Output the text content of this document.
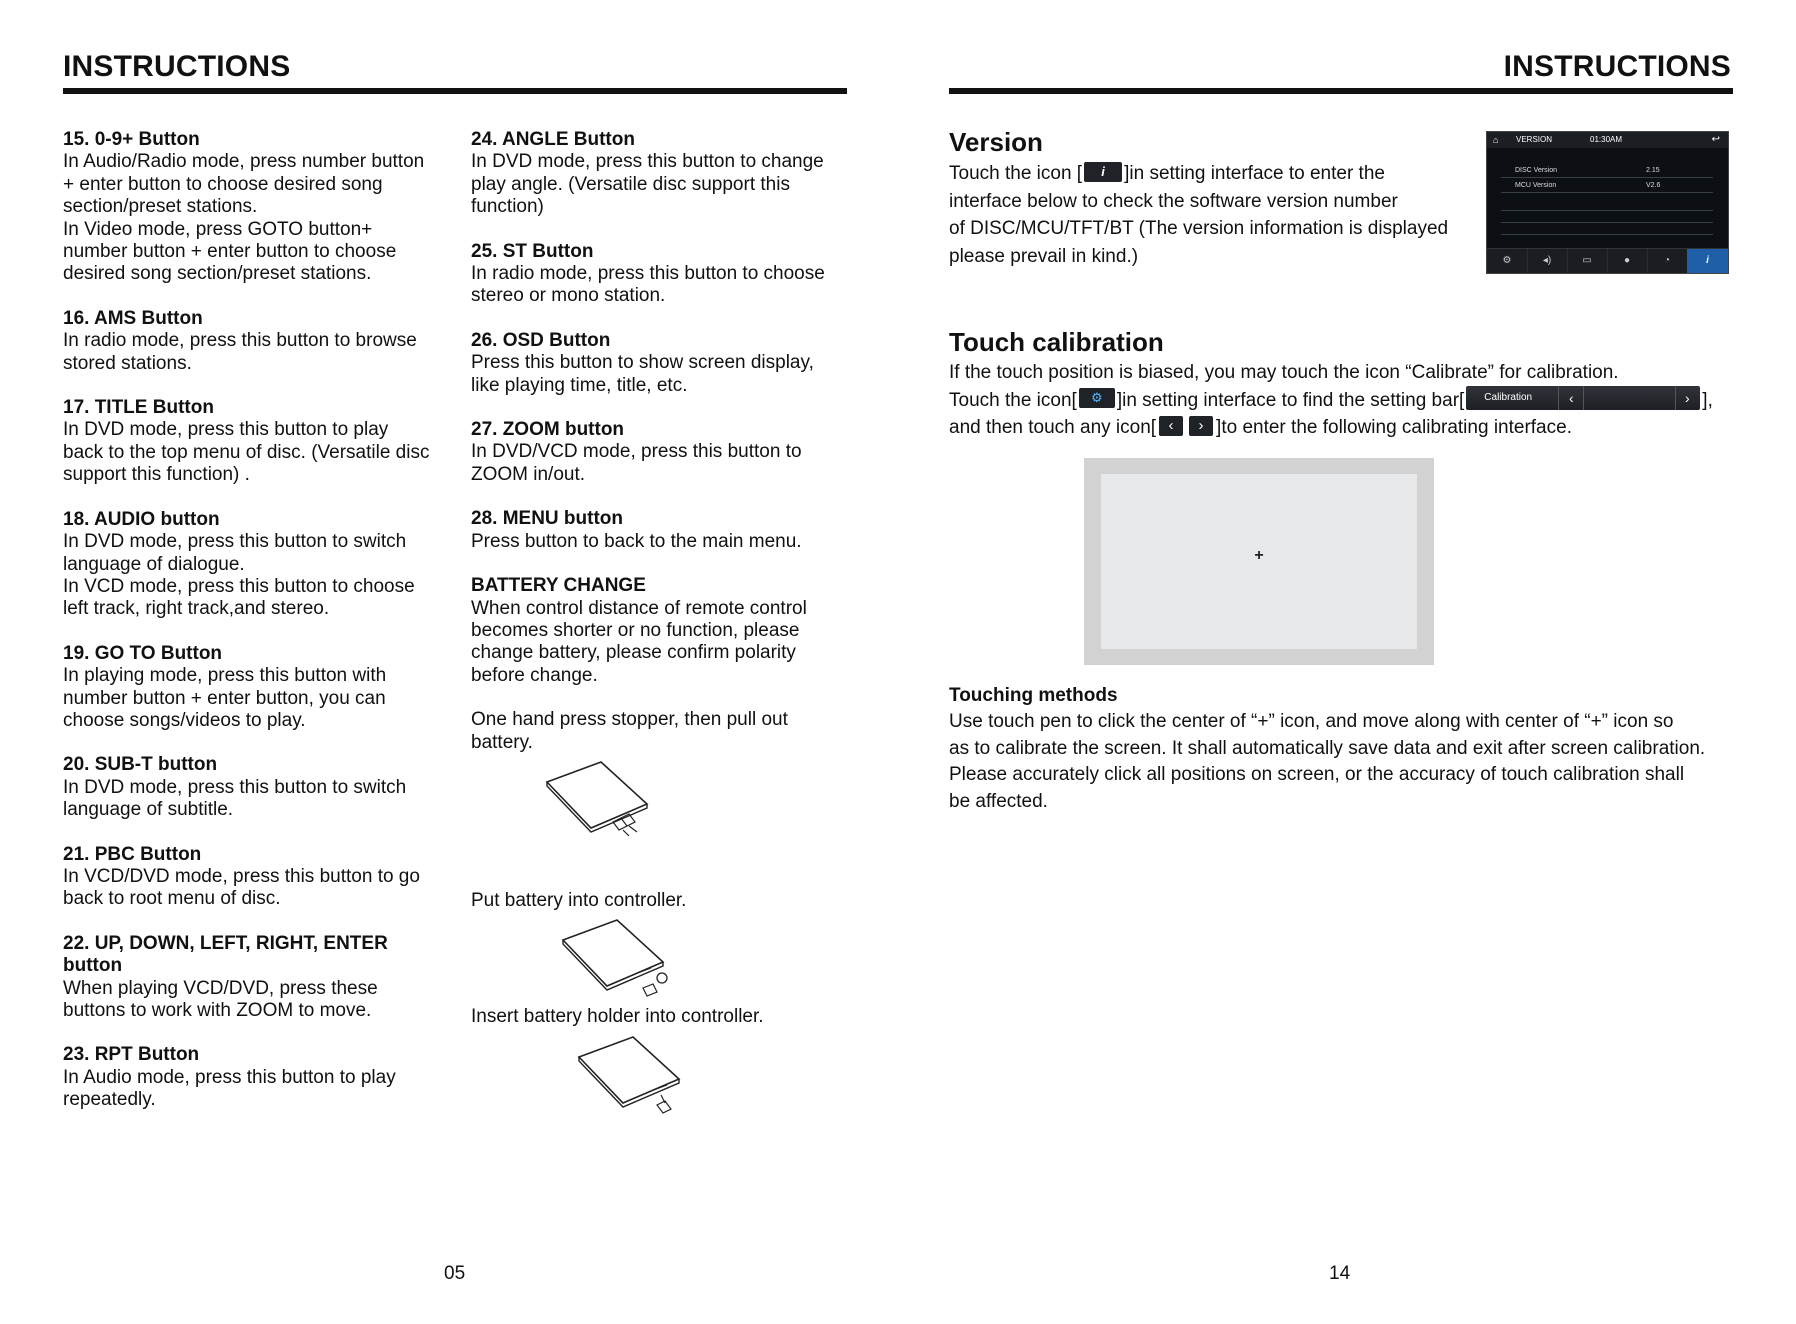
INSTRUCTIONS
15. 0-9+ Button
In Audio/Radio mode, press number button
+ enter button to choose desired song
section/preset stations.
In Video mode, press GOTO button+
number button + enter button to choose
desired song section/preset stations.
16. AMS Button
In radio mode, press this button to browse
stored stations.
17. TITLE Button
In DVD mode, press this button to play
back to the top menu of disc. (Versatile disc
support this function) .
18. AUDIO button
In DVD mode, press this button to switch
language of dialogue.
In VCD mode, press this button to choose
left track, right track,and stereo.
19. GO TO Button
In playing mode, press this button with
number button + enter button, you can
choose songs/videos to play.
20. SUB-T button
In DVD mode, press this button to switch
language of subtitle.
21. PBC Button
In VCD/DVD mode, press this button to go
back to root menu of disc.
22. UP, DOWN, LEFT, RIGHT, ENTER
button
When playing VCD/DVD, press these
buttons to work with ZOOM to move.
23. RPT Button
In Audio mode, press this button to play
repeatedly.
24. ANGLE Button
In DVD mode, press this button to change
play angle. (Versatile disc support this
function)
25. ST Button
In radio mode, press this button to choose
stereo or mono station.
26. OSD Button
Press this button to show screen display,
like playing time, title, etc.
27. ZOOM button
In DVD/VCD mode, press this button to
ZOOM in/out.
28. MENU button
Press button to back to the main menu.
BATTERY CHANGE
When control distance of remote control
becomes shorter or no function, please
change battery, please confirm polarity
before change.
One hand press stopper, then pull out
battery.
Put battery into controller.
Insert battery holder into controller.
05
INSTRUCTIONS
Version
Touch the icon [ i ]in setting interface to enter the
interface below to check the software version number
of DISC/MCU/TFT/BT (The version information is displayed
please prevail in kind.)
⌂ VERSION	01:30AM	↩
DISC Version	2.15
MCU Version	V2.6
⚙	◂)	▭	●	◔	i
Touch calibration
If the touch position is biased, you may touch the icon “Calibrate” for calibration.
Touch the icon[ ⚙ ]in setting interface to find the setting bar[ Calibration	‹	› ],
and then touch any icon[ ‹ › ]to enter the following calibrating interface.
+
Touching methods
Use touch pen to click the center of “+” icon, and move along with center of “+” icon so
as to calibrate the screen. It shall automatically save data and exit after screen calibration.
Please accurately click all positions on screen, or the accuracy of touch calibration shall
be affected.
14
